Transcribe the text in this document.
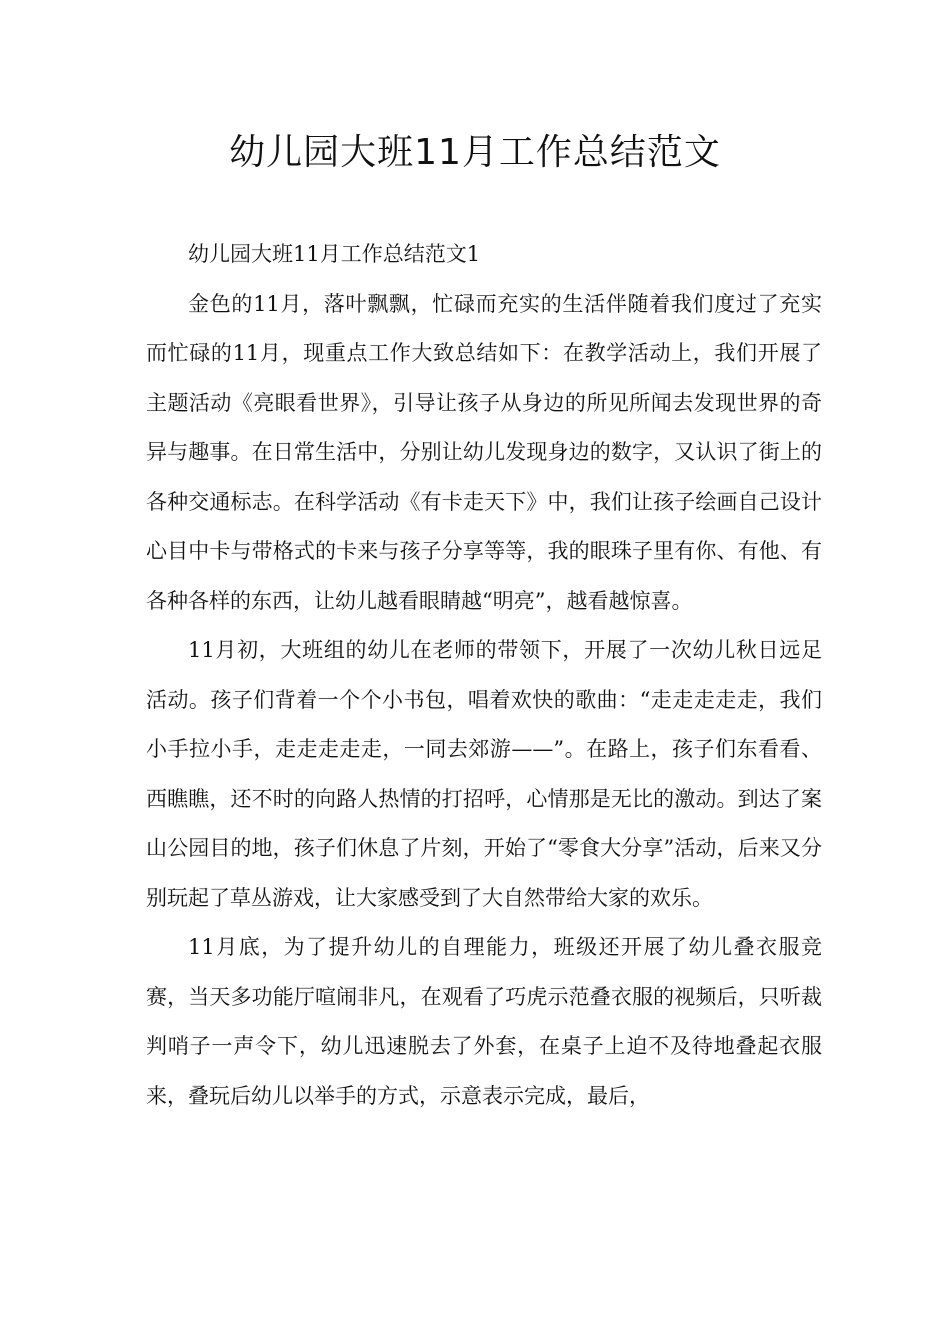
幼儿园大班11月工作总结范文

幼儿园大班11月工作总结范文1

金色的11月，落叶飘飘，忙碌而充实的生活伴随着我们度过了充实而忙碌的11月，现重点工作大致总结如下：在教学活动上，我们开展了主题活动《亮眼看世界》，引导让孩子从身边的所见所闻去发现世界的奇异与趣事。在日常生活中，分别让幼儿发现身边的数字，又认识了街上的各种交通标志。在科学活动《有卡走天下》中，我们让孩子绘画自己设计心目中卡与带格式的卡来与孩子分享等等，我的眼珠子里有你、有他、有各种各样的东西，让幼儿越看眼睛越“明亮”，越看越惊喜。

11月初，大班组的幼儿在老师的带领下，开展了一次幼儿秋日远足活动。孩子们背着一个个小书包，唱着欢快的歌曲：“走走走走走，我们小手拉小手，走走走走走，一同去郊游——”。在路上，孩子们东看看、西瞧瞧，还不时的向路人热情的打招呼，心情那是无比的激动。到达了案山公园目的地，孩子们休息了片刻，开始了“零食大分享”活动，后来又分别玩起了草丛游戏，让大家感受到了大自然带给大家的欢乐。

11月底，为了提升幼儿的自理能力，班级还开展了幼儿叠衣服竞赛，当天多功能厅喧闹非凡，在观看了巧虎示范叠衣服的视频后，只听裁判哨子一声令下，幼儿迅速脱去了外套，在桌子上迫不及待地叠起衣服来，叠玩后幼儿以举手的方式，示意表示完成，最后，
